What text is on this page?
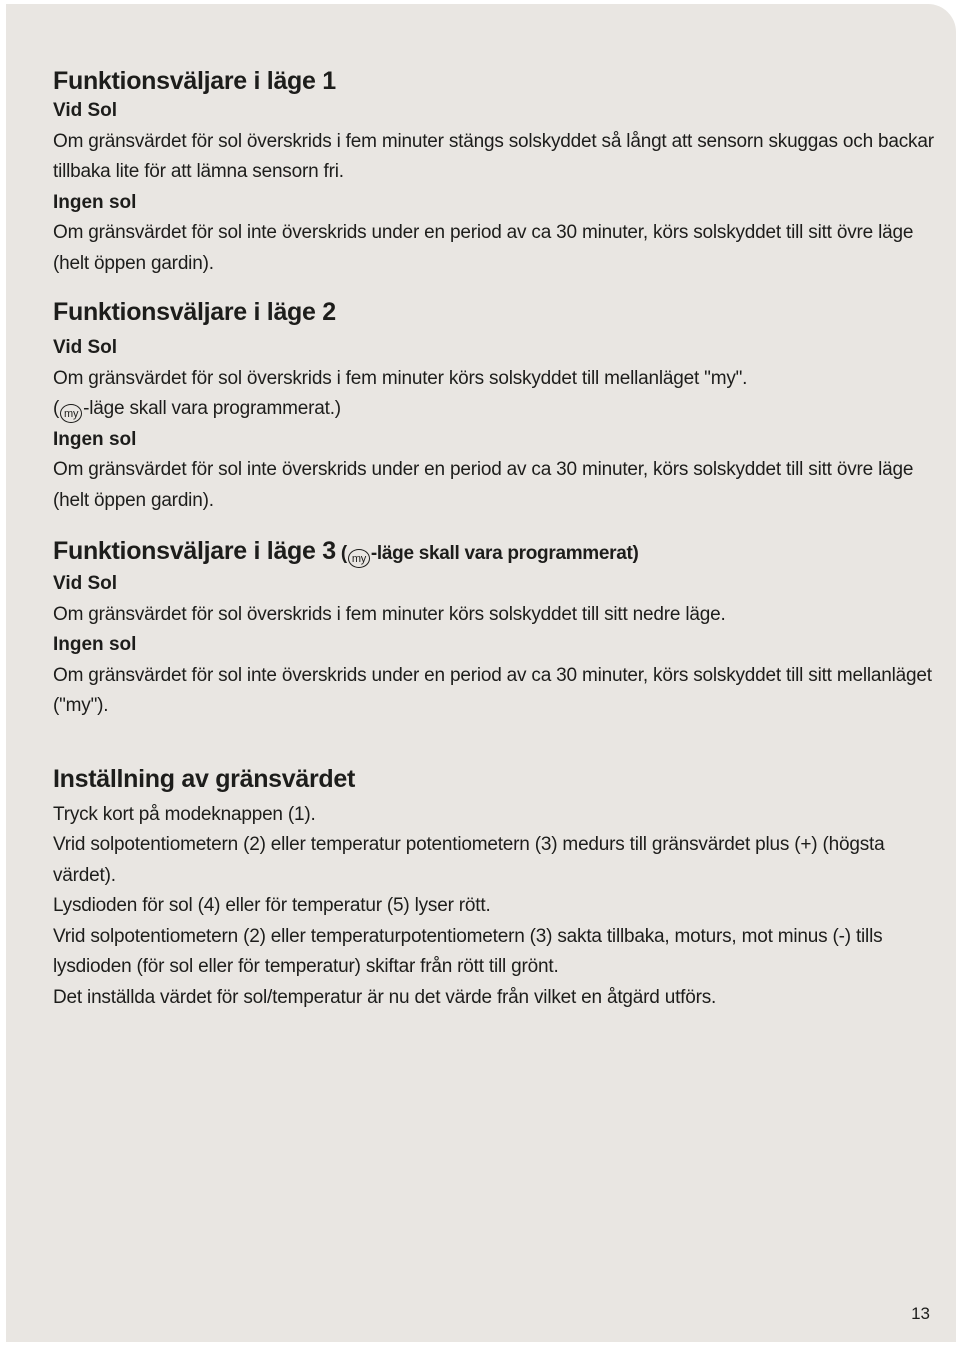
Funktionsväljare i läge 1

Vid Sol

Om gränsvärdet för sol överskrids i fem minuter stängs solskyddet så långt att sensorn skuggas och backar tillbaka lite för att lämna sensorn fri.

Ingen sol

Om gränsvärdet för sol inte överskrids under en period av ca 30 minuter, körs solskyddet till sitt övre läge (helt öppen gardin).

Funktionsväljare i läge 2

Vid Sol

Om gränsvärdet för sol överskrids i fem minuter körs solskyddet till mellanläget "my".

( my -läge skall vara programmerat.)

Ingen sol

Om gränsvärdet för sol inte överskrids under en period av ca 30 minuter, körs solskyddet till sitt övre läge (helt öppen gardin).

Funktionsväljare i läge 3 ( my -läge skall vara programmerat)

Vid Sol

Om gränsvärdet för sol överskrids i fem minuter körs solskyddet till sitt nedre läge.

Ingen sol

Om gränsvärdet för sol inte överskrids under en period av ca 30 minuter, körs solskyddet till sitt mellanläget ("my").

Inställning av gränsvärdet

Tryck kort på modeknappen (1).

Vrid solpotentiometern (2) eller temperatur potentiometern (3) medurs till gränsvärdet plus (+) (högsta värdet).

Lysdioden för sol (4) eller för temperatur (5) lyser rött.

Vrid solpotentiometern (2) eller temperaturpotentiometern (3) sakta tillbaka, moturs, mot minus (-) tills lysdioden (för sol eller för temperatur) skiftar från rött till grönt.

Det inställda värdet för sol/temperatur är nu det värde från vilket en åtgärd utförs.

13
